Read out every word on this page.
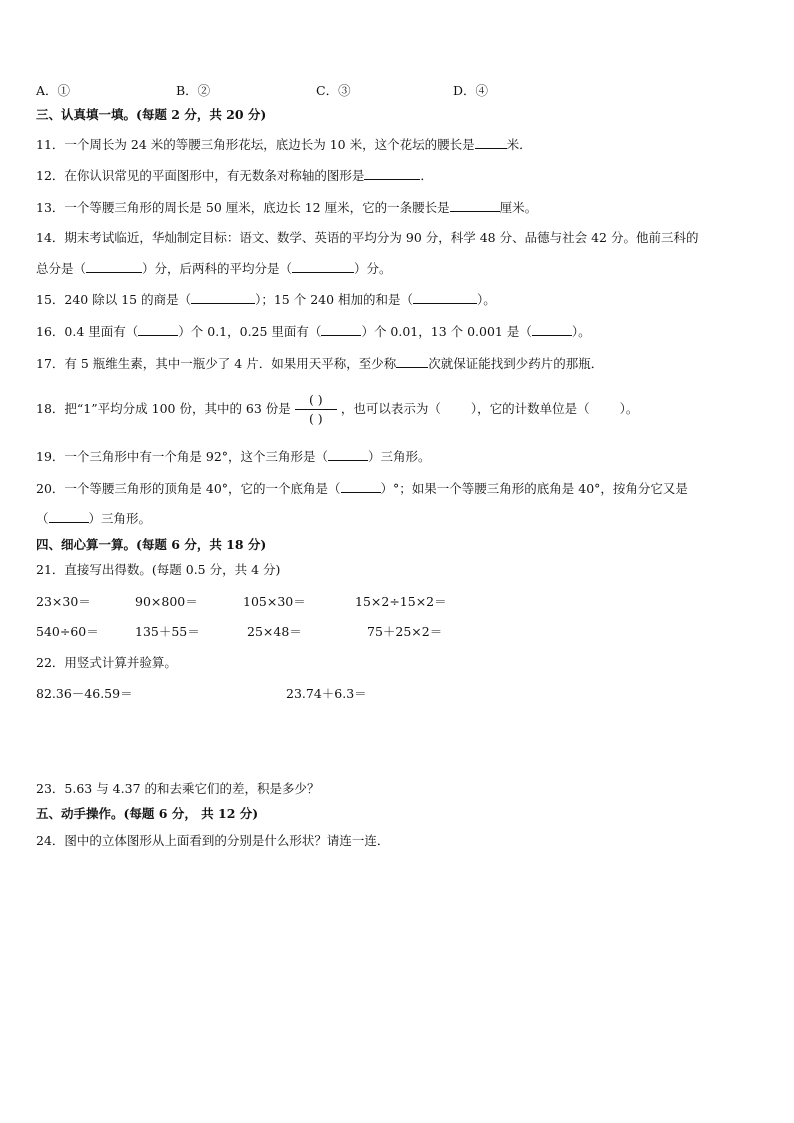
A．①	B．②	C．③	D．④
三、认真填一填。(每题 2 分，共 20 分)
11．一个周长为 24 米的等腰三角形花坛，底边长为 10 米，这个花坛的腰长是	米．
12．在你认识常见的平面图形中，有无数条对称轴的图形是	．
13．一个等腰三角形的周长是 50 厘米，底边长 12 厘米，它的一条腰长是	厘米。
14．期末考试临近，华灿制定目标：语文、数学、英语的平均分为 90 分，科学 48 分、品德与社会 42 分。他前三科的
总分是（	）分，后两科的平均分是（	）分。
15．240 除以 15 的商是（	）；15 个 240 相加的和是（	）。
16．0.4 里面有（	）个 0.1，0.25 里面有（	）个 0.01，13 个 0.001 是（	）。
17．有 5 瓶维生素，其中一瓶少了 4 片．如果用天平称，至少称	次就保证能找到少药片的那瓶．
18．把“1”平均分成 100 份，其中的 63 份是 $\frac{( )}{( )}$ ，也可以表示为（ ），它的计数单位是（ ）。
19．一个三角形中有一个角是 92°，这个三角形是（	）三角形。
20．一个等腰三角形的顶角是 40°，它的一个底角是（	）°；如果一个等腰三角形的底角是 40°，按角分它又是
（	）三角形。
四、细心算一算。(每题 6 分，共 18 分)
21．直接写出得数。(每题 0.5 分，共 4 分)
23×30＝	90×800＝	105×30＝	15×2÷15×2＝
540÷60＝	135＋55＝	25×48＝	75＋25×2＝
22．用竖式计算并验算。
82.36－46.59＝	23.74＋6.3＝
23．5.63 与 4.37 的和去乘它们的差，积是多少？
五、动手操作。(每题 6 分， 共 12 分)
24．图中的立体图形从上面看到的分别是什么形状？请连一连．
